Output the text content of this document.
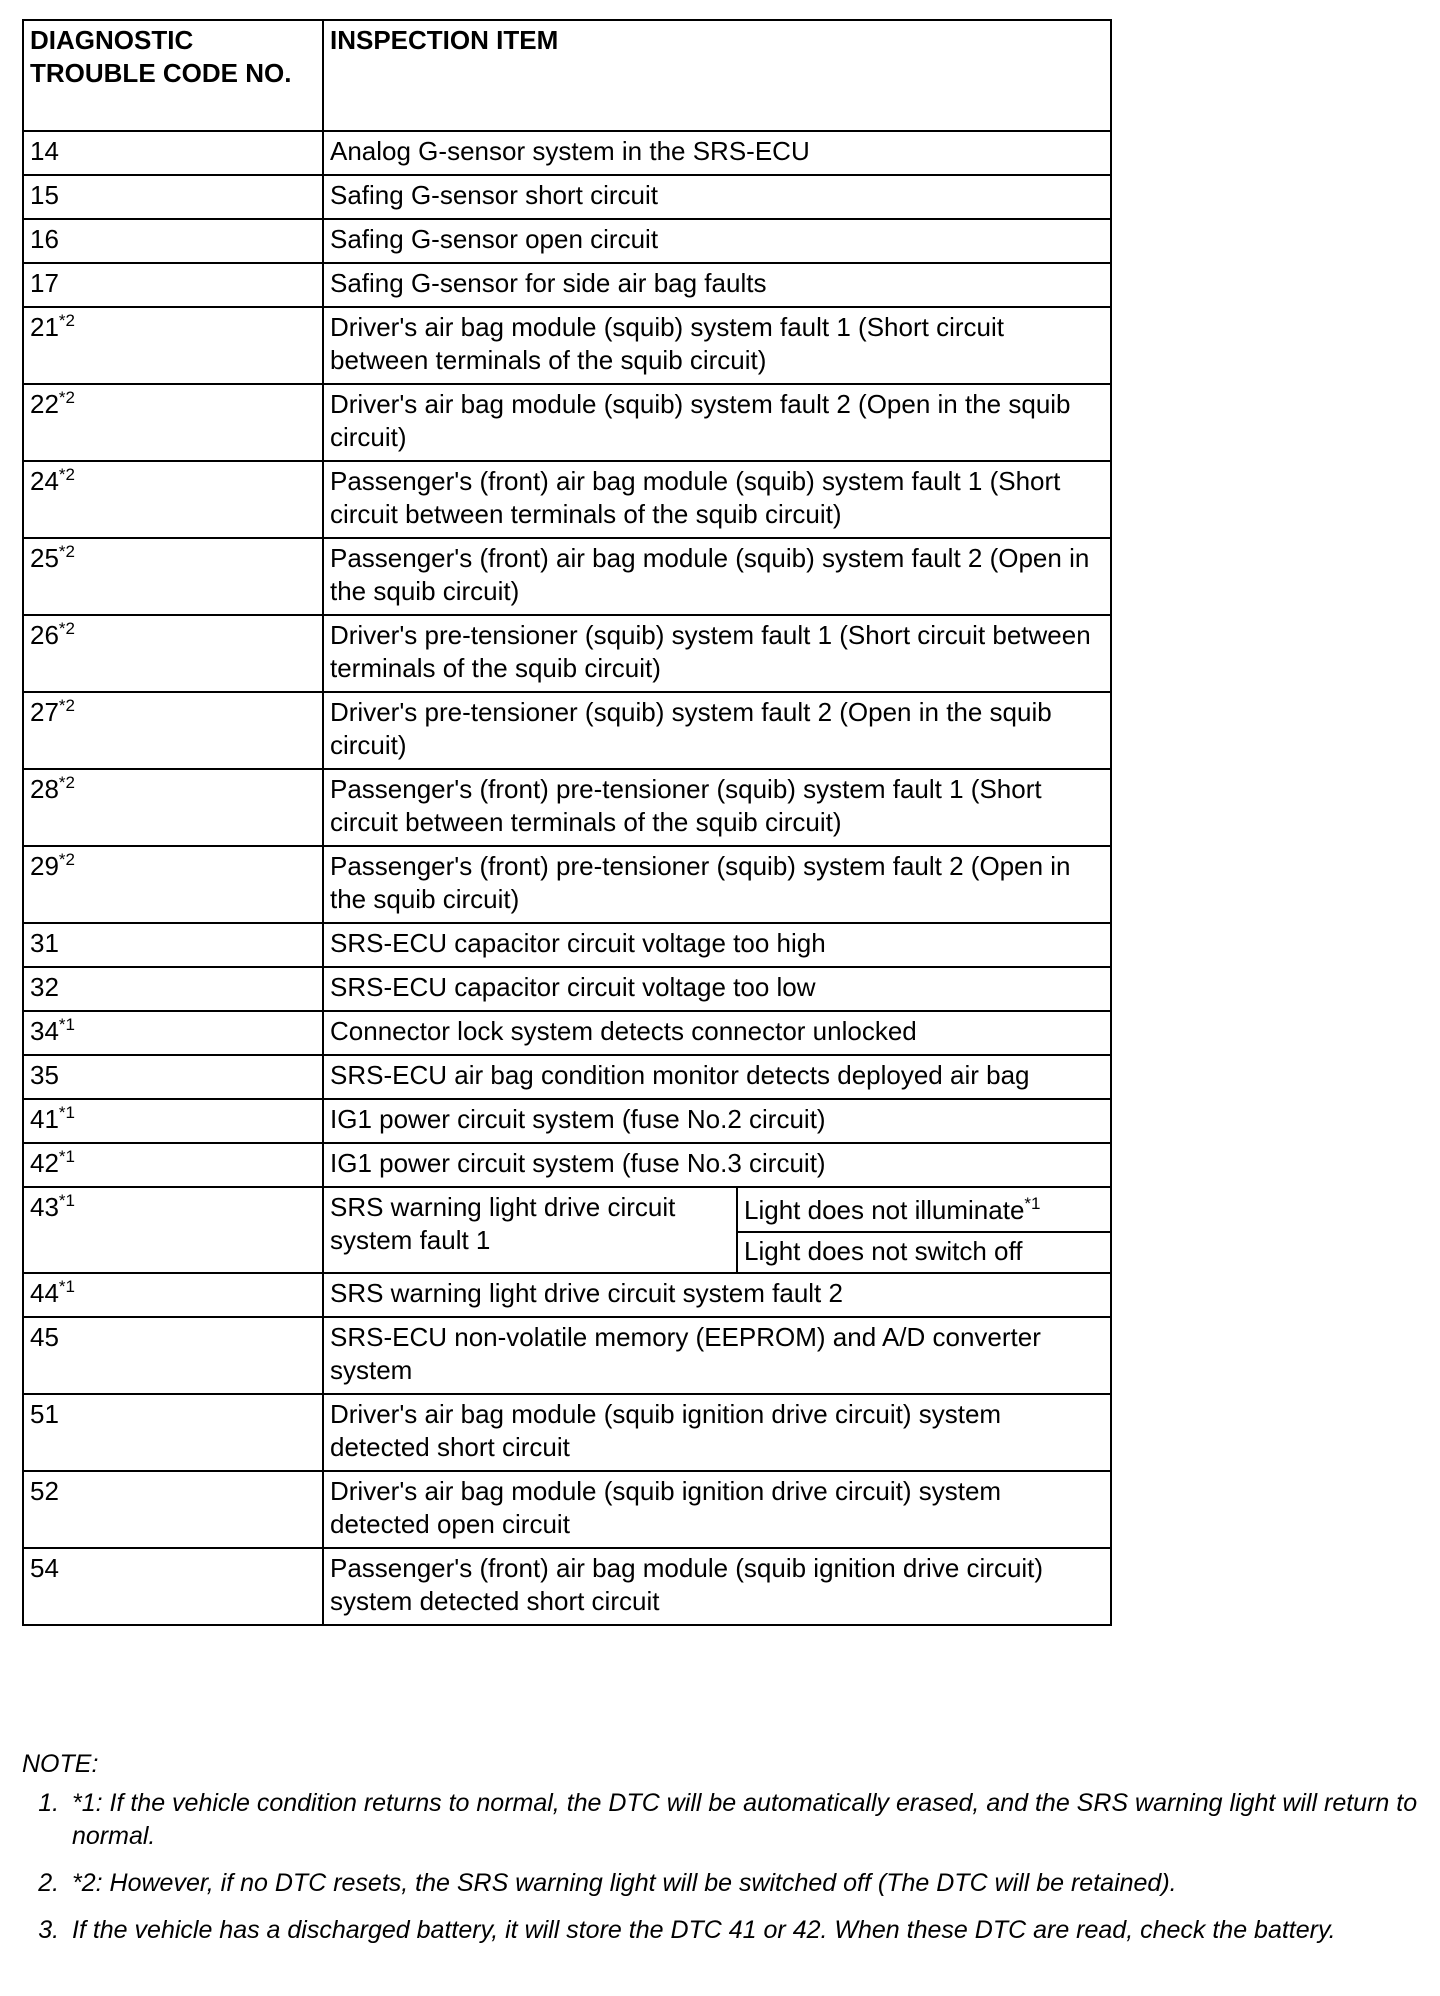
DIAGNOSTIC TROUBLE CODE NO.	INSPECTION ITEM	
14	Analog G-sensor system in the SRS-ECU	
15	Safing G-sensor short circuit	
16	Safing G-sensor open circuit	
17	Safing G-sensor for side air bag faults	
21$^{*2}$	Driver's air bag module (squib) system fault 1 (Short circuit between terminals of the squib circuit)	
22$^{*2}$	Driver's air bag module (squib) system fault 2 (Open in the squib circuit)	
24$^{*2}$	Passenger's (front) air bag module (squib) system fault 1 (Short circuit between terminals of the squib circuit)	
25$^{*2}$	Passenger's (front) air bag module (squib) system fault 2 (Open in the squib circuit)	
26$^{*2}$	Driver's pre-tensioner (squib) system fault 1 (Short circuit between terminals of the squib circuit)	
27$^{*2}$	Driver's pre-tensioner (squib) system fault 2 (Open in the squib circuit)	
28$^{*2}$	Passenger's (front) pre-tensioner (squib) system fault 1 (Short circuit between terminals of the squib circuit)	
29$^{*2}$	Passenger's (front) pre-tensioner (squib) system fault 2 (Open in the squib circuit)	
31	SRS-ECU capacitor circuit voltage too high	
32	SRS-ECU capacitor circuit voltage too low	
34$^{*1}$	Connector lock system detects connector unlocked	
35	SRS-ECU air bag condition monitor detects deployed air bag	
41$^{*1}$	IG1 power circuit system (fuse No.2 circuit)	
42$^{*1}$	IG1 power circuit system (fuse No.3 circuit)	
43$^{*1}$	SRS warning light drive circuit system fault 1	Light does not illuminate$^{*1}$
		Light does not switch off
44$^{*1}$	SRS warning light drive circuit system fault 2	
45	SRS-ECU non-volatile memory (EEPROM) and A/D converter system	
51	Driver's air bag module (squib ignition drive circuit) system detected short circuit	
52	Driver's air bag module (squib ignition drive circuit) system detected open circuit	
54	Passenger's (front) air bag module (squib ignition drive circuit) system detected short circuit	
NOTE:
1. *1: If the vehicle condition returns to normal, the DTC will be automatically erased, and the SRS warning light will return to normal.
2. *2: However, if no DTC resets, the SRS warning light will be switched off (The DTC will be retained).
3. If the vehicle has a discharged battery, it will store the DTC 41 or 42. When these DTC are read, check the battery.
